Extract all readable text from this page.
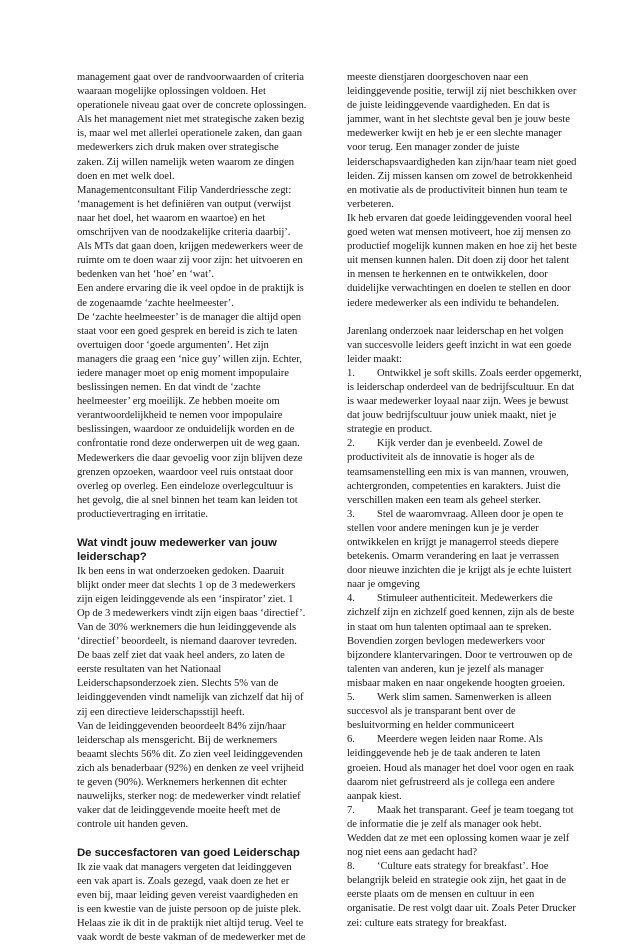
management gaat over de randvoorwaarden of criteria

waaraan mogelijke oplossingen voldoen. Het

operationele niveau gaat over de concrete oplossingen.

Als het management niet met strategische zaken bezig

is, maar wel met allerlei operationele zaken, dan gaan

medewerkers zich druk maken over strategische

zaken. Zij willen namelijk weten waarom ze dingen

doen en met welk doel.

Managementconsultant Filip Vanderdriessche zegt:

‘management is het definiëren van output (verwijst

naar het doel, het waarom en waartoe) en het

omschrijven van de noodzakelijke criteria daarbij’.

Als MTs dat gaan doen, krijgen medewerkers weer de

ruimte om te doen waar zij voor zijn: het uitvoeren en

bedenken van het ‘hoe’ en ‘wat’.

Een andere ervaring die ik veel opdoe in de praktijk is

de zogenaamde ‘zachte heelmeester’.

De ‘zachte heelmeester’ is de manager die altijd open

staat voor een goed gesprek en bereid is zich te laten

overtuigen door ‘goede argumenten’. Het zijn

managers die graag een ‘nice guy’ willen zijn. Echter,

iedere manager moet op enig moment impopulaire

beslissingen nemen. En dat vindt de ‘zachte

heelmeester’ erg moeilijk. Ze hebben moeite om

verantwoordelijkheid te nemen voor impopulaire

beslissingen, waardoor ze onduidelijk worden en de

confrontatie rond deze onderwerpen uit de weg gaan.

Medewerkers die daar gevoelig voor zijn blijven deze

grenzen opzoeken, waardoor veel ruis ontstaat door

overleg op overleg. Een eindeloze overlegcultuur is

het gevolg, die al snel binnen het team kan leiden tot

productievertraging en irritatie.

Wat vindt jouw medewerker van jouw

leiderschap?

Ik ben eens in wat onderzoeken gedoken. Daaruit

blijkt onder meer dat slechts 1 op de 3 medewerkers

zijn eigen leidinggevende als een ‘inspirator’ ziet. 1

Op de 3 medewerkers vindt zijn eigen baas ‘directief’.

Van de 30% werknemers die hun leidinggevende als

‘directief’ beoordeelt, is niemand daarover tevreden.

De baas zelf ziet dat vaak heel anders, zo laten de

eerste resultaten van het Nationaal

Leiderschapsonderzoek zien. Slechts 5% van de

leidinggevenden vindt namelijk van zichzelf dat hij of

zij een directieve leiderschapsstijl heeft.

Van de leidinggevenden beoordeelt 84% zijn/haar

leiderschap als mensgericht. Bij de werknemers

beaamt slechts 56% dit. Zo zien veel leidinggevenden

zich als benaderbaar (92%) en denken ze veel vrijheid

te geven (90%). Werknemers herkennen dit echter

nauwelijks, sterker nog: de medewerker vindt relatief

vaker dat de leidinggevende moeite heeft met de

controle uit handen geven.

De succesfactoren van goed Leiderschap

Ik zie vaak dat managers vergeten dat leidinggeven

een vak apart is. Zoals gezegd, vaak doen ze het er

even bij, maar leiding geven vereist vaardigheden en

is een kwestie van de juiste persoon op de juiste plek.

Helaas zie ik dit in de praktijk niet altijd terug. Veel te

vaak wordt de beste vakman of de medewerker met de

meeste dienstjaren doorgeschoven naar een

leidinggevende positie, terwijl zij niet beschikken over

de juiste leidinggevende vaardigheden. En dat is

jammer, want in het slechtste geval ben je jouw beste

medewerker kwijt en heb je er een slechte manager

voor terug. Een manager zonder de juiste

leiderschapsvaardigheden kan zijn/haar team niet goed

leiden. Zij missen kansen om zowel de betrokkenheid

en motivatie als de productiviteit binnen hun team te

verbeteren.

Ik heb ervaren dat goede leidinggevenden vooral heel

goed weten wat mensen motiveert, hoe zij mensen zo

productief mogelijk kunnen maken en hoe zij het beste

uit mensen kunnen halen. Dit doen zij door het talent

in mensen te herkennen en te ontwikkelen, door

duidelijke verwachtingen en doelen te stellen en door

iedere medewerker als een individu te behandelen.

Jarenlang onderzoek naar leiderschap en het volgen

van succesvolle leiders geeft inzicht in wat een goede

leider maakt:

1.	Ontwikkel je soft skills. Zoals eerder opgemerkt,
is leiderschap onderdeel van de bedrijfscultuur. En dat
is waar medewerker loyaal naar zijn. Wees je bewust
dat jouw bedrijfscultuur jouw uniek maakt, niet je
strategie en product.
2.	Kijk verder dan je evenbeeld. Zowel de
productiviteit als de innovatie is hoger als de
teamsamenstelling een mix is van mannen, vrouwen,
achtergronden, competenties en karakters. Juist die
verschillen maken een team als geheel sterker.
3.	Stel de waaromvraag. Alleen door je open te
stellen voor andere meningen kun je je verder
ontwikkelen en krijgt je managerrol steeds diepere
betekenis. Omarm verandering en laat je verrassen
door nieuwe inzichten die je krijgt als je echte luistert
naar je omgeving
4.	Stimuleer authenticiteit. Medewerkers die
zichzelf zijn en zichzelf goed kennen, zijn als de beste
in staat om hun talenten optimaal aan te spreken.
Bovendien zorgen bevlogen medewerkers voor
bijzondere klantervaringen. Door te vertrouwen op de
talenten van anderen, kun je jezelf als manager
misbaar maken en naar ongekende hoogten groeien.
5.	Werk slim samen. Samenwerken is alleen
succesvol als je transparant bent over de
besluitvorming en helder communiceert
6.	Meerdere wegen leiden naar Rome. Als
leidinggevende heb je de taak anderen te laten
groeien. Houd als manager het doel voor ogen en raak
daarom niet gefrustreerd als je collega een andere
aanpak kiest.
7.	Maak het transparant. Geef je team toegang tot
de informatie die je zelf als manager ook hebt.
Wedden dat ze met een oplossing komen waar je zelf
nog niet eens aan gedacht had?
8.	‘Culture eats strategy for breakfast’. Hoe
belangrijk beleid en strategie ook zijn, het gaat in de
eerste plaats om de mensen en cultuur in een
organisatie. De rest volgt daar uit. Zoals Peter Drucker
zei: culture eats strategy for breakfast.
